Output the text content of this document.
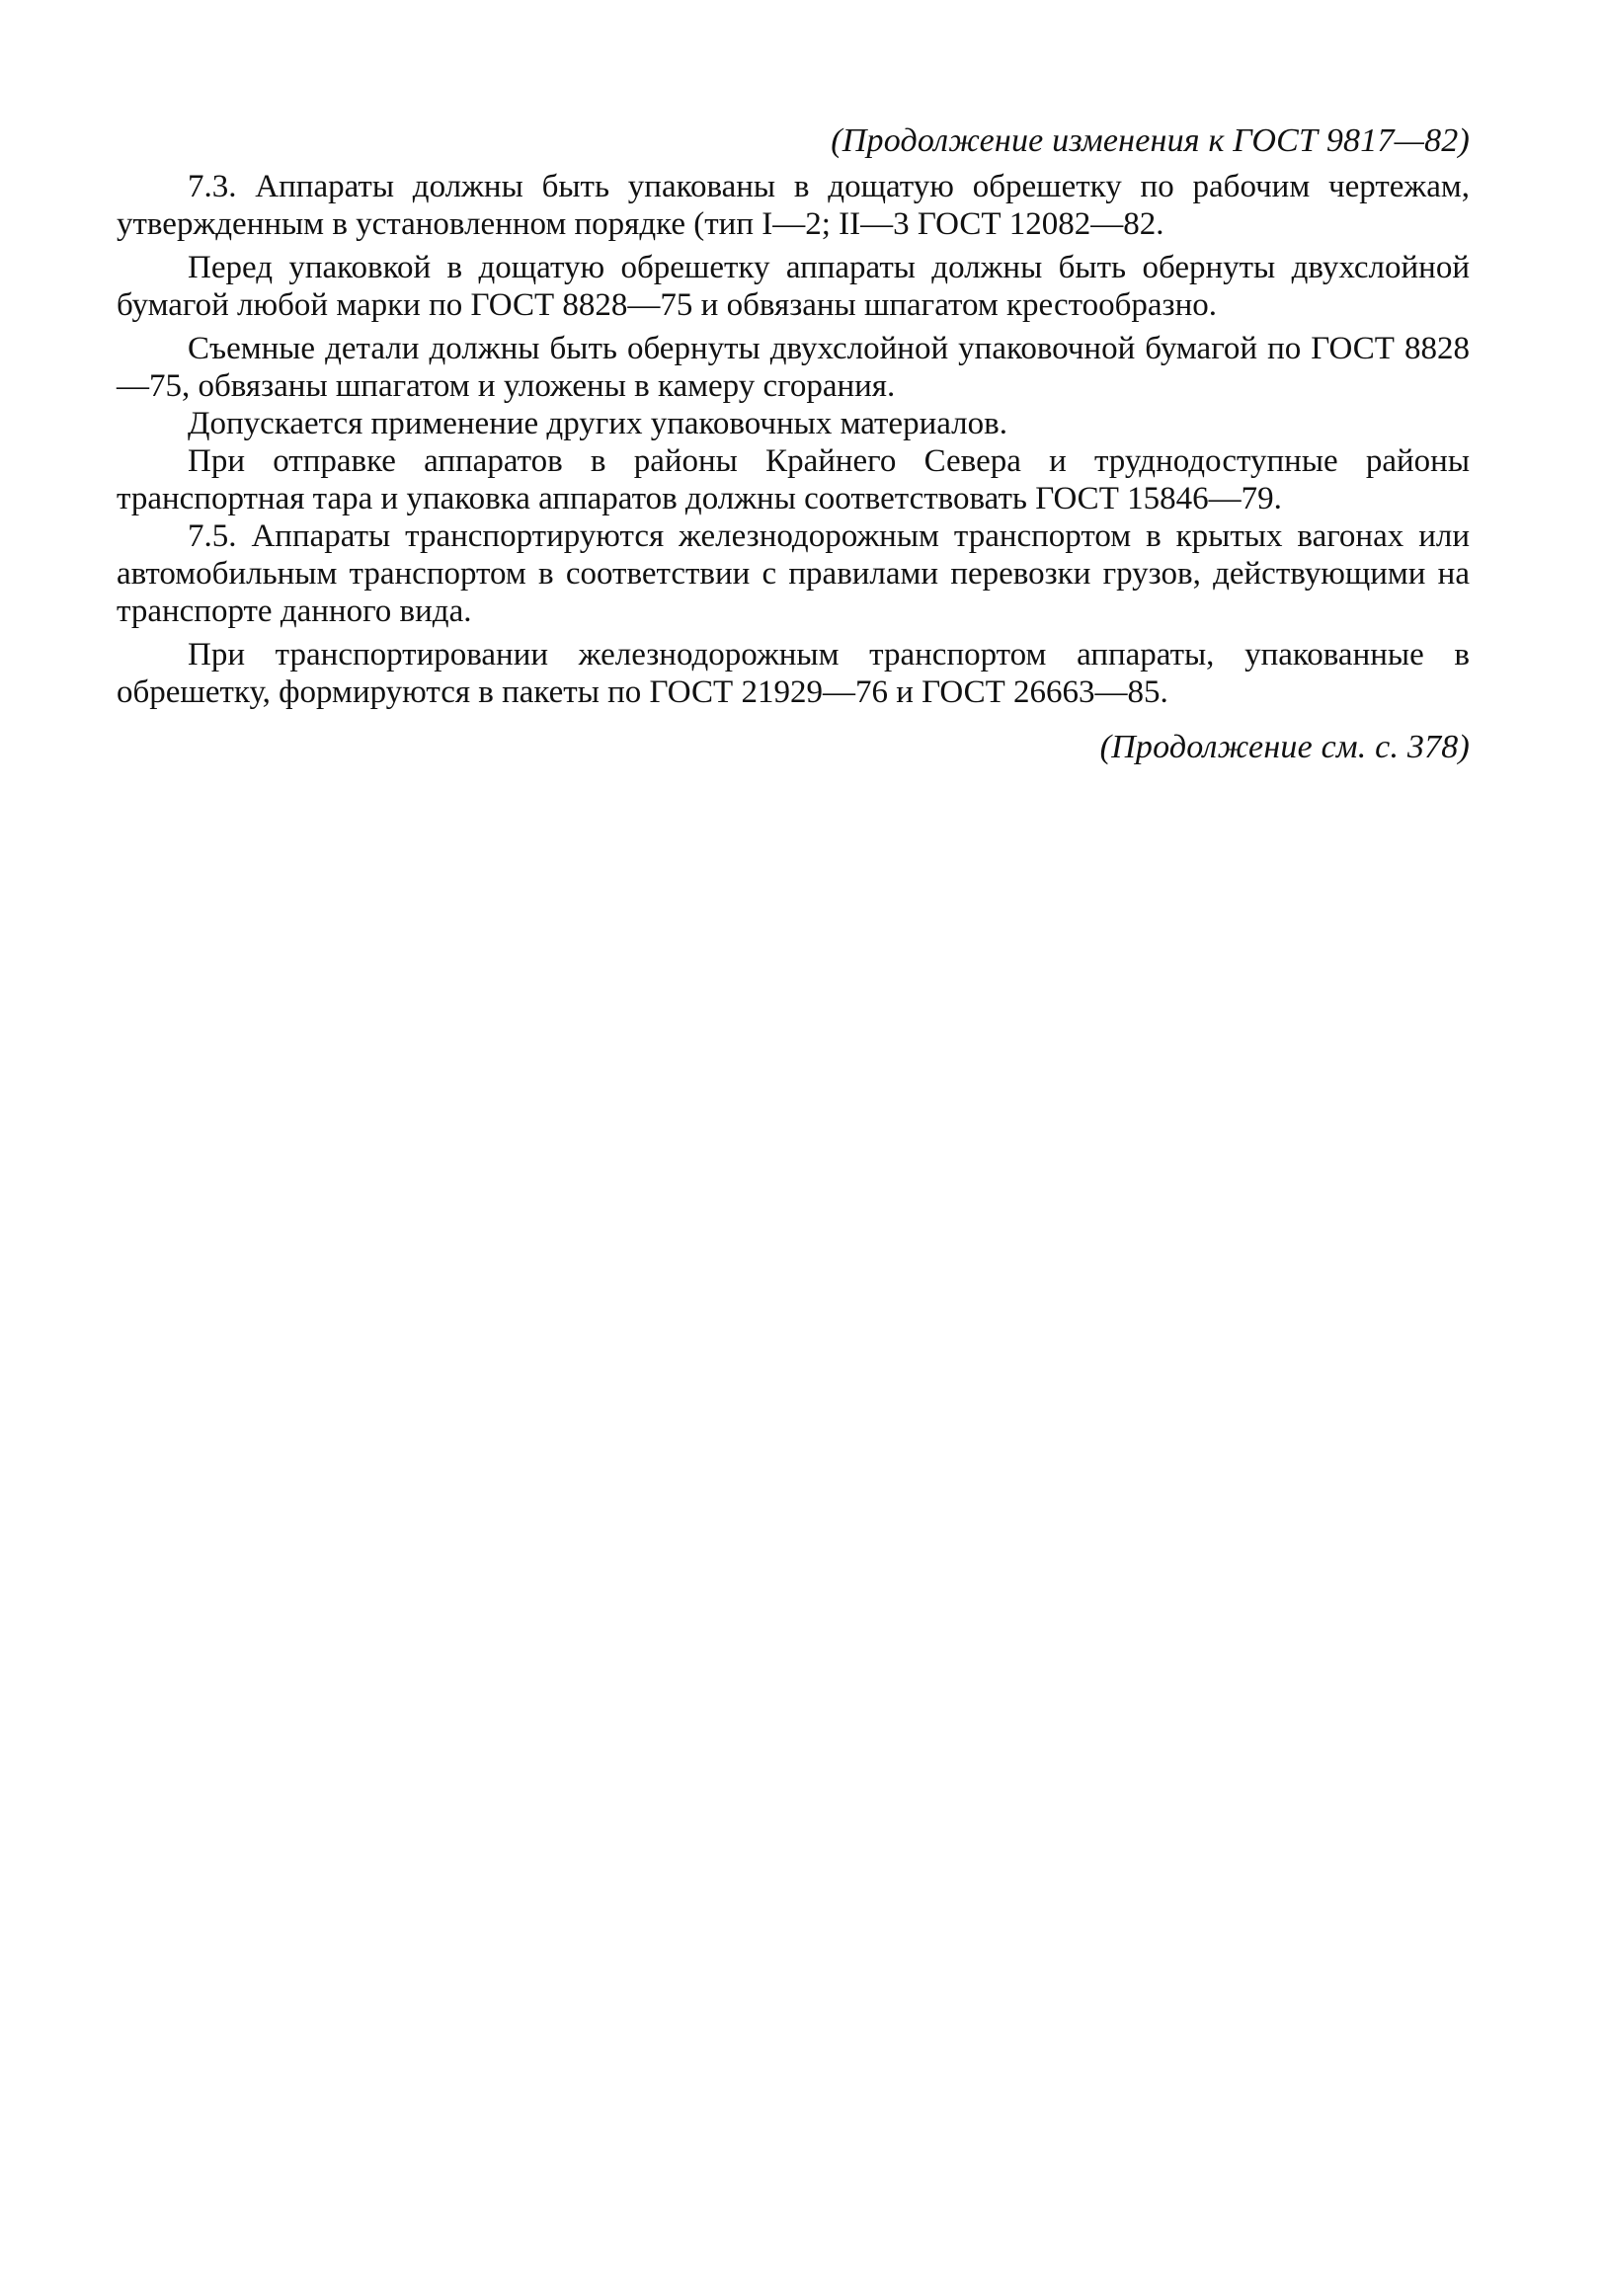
(Продолжение изменения к ГОСТ 9817—82)

7.3. Аппараты должны быть упакованы в дощатую обрешетку по рабочим чертежам, утвержденным в установленном порядке (тип I—2; II—3 ГОСТ 12082—82.

Перед упаковкой в дощатую обрешетку аппараты должны быть обернуты двухслойной бумагой любой марки по ГОСТ 8828—75 и обвязаны шпагатом крестообразно.

Съемные детали должны быть обернуты двухслойной упаковочной бумагой по ГОСТ 8828—75, обвязаны шпагатом и уложены в камеру сгорания.

Допускается применение других упаковочных материалов.

При отправке аппаратов в районы Крайнего Севера и труднодоступные районы транспортная тара и упаковка аппаратов должны соответствовать ГОСТ 15846—79.

7.5. Аппараты транспортируются железнодорожным транспортом в крытых вагонах или автомобильным транспортом в соответствии с правилами перевозки грузов, действующими на транспорте данного вида.

При транспортировании железнодорожным транспортом аппараты, упакованные в обрешетку, формируются в пакеты по ГОСТ 21929—76 и ГОСТ 26663—85.

(Продолжение см. с. 378)
